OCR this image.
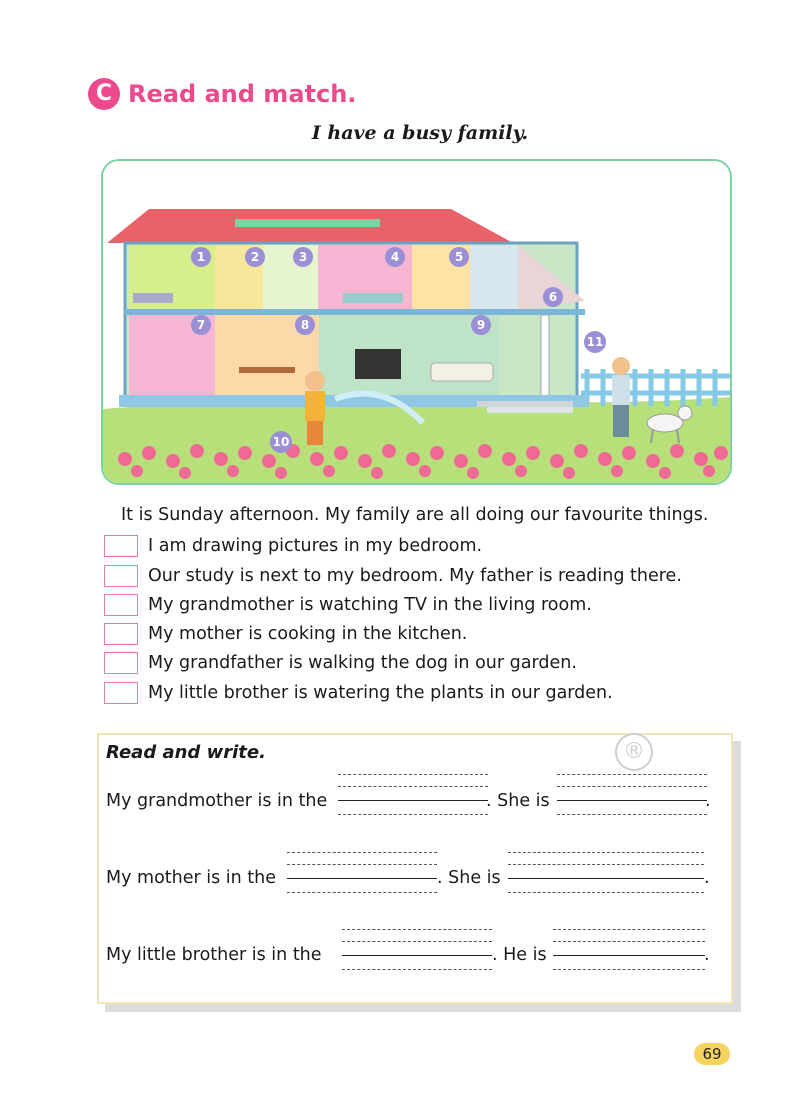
C Read and match.
I have a busy family.
1	2	3	4	5
6
7	8	9
10
11
It is Sunday afternoon. My family are all doing our favourite things.
I am drawing pictures in my bedroom.
Our study is next to my bedroom. My father is reading there.
My grandmother is watching TV in the living room.
My mother is cooking in the kitchen.
My grandfather is walking the dog in our garden.
My little brother is watering the plants in our garden.
®
Read and write.
My grandmother is in the	. She is	.
My mother is in the	. She is	.
My little brother is in the	. He is	.
69
